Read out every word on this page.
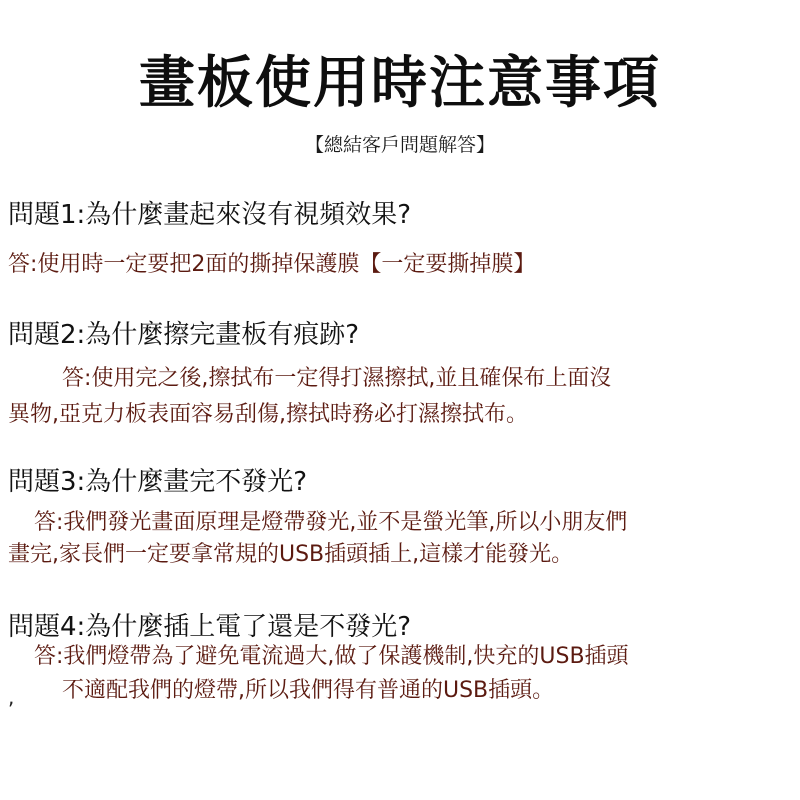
畫板使用時注意事項
【總結客戶問題解答】
問題1:為什麼畫起來沒有視頻效果?
答:使用時一定要把2面的撕掉保護膜【一定要撕掉膜】
問題2:為什麼擦完畫板有痕跡?
答:使用完之後,擦拭布一定得打濕擦拭,並且確保布上面沒
異物,亞克力板表面容易刮傷,擦拭時務必打濕擦拭布。
問題3:為什麼畫完不發光?
答:我們發光畫面原理是燈帶發光,並不是螢光筆,所以小朋友們
畫完,家長們一定要拿常規的USB插頭插上,這樣才能發光。
問題4:為什麼插上電了還是不發光?
答:我們燈帶為了避免電流過大,做了保護機制,快充的USB插頭
, 不適配我們的燈帶,所以我們得有普通的USB插頭。
